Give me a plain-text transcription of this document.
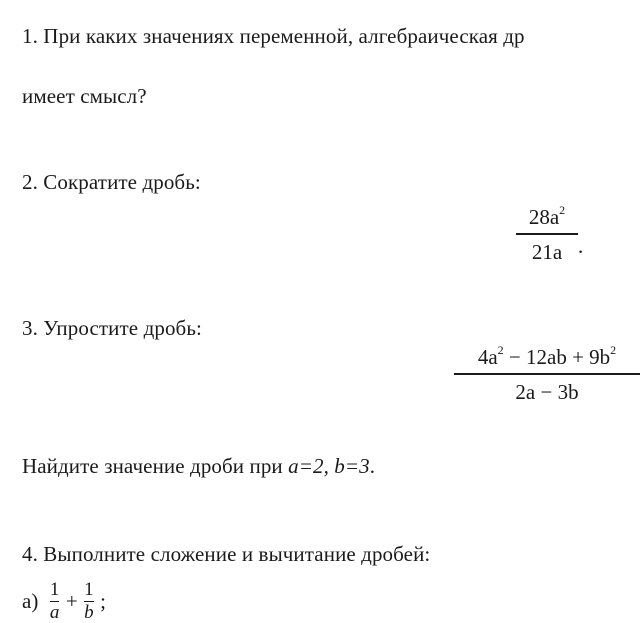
1. При каких значениях переменной, алгебраическая др
имеет смысл?
2. Сократите дробь:
$28a^2$
21a .
3. Упростите дробь:
$4a^2 - 12ab + 9b^2$
2a − 3b
Найдите значение дроби при a=2, b=3.
4. Выполните сложение и вычитание дробей:
$а) \frac{1}{a} + \frac{1}{b}$ ;
